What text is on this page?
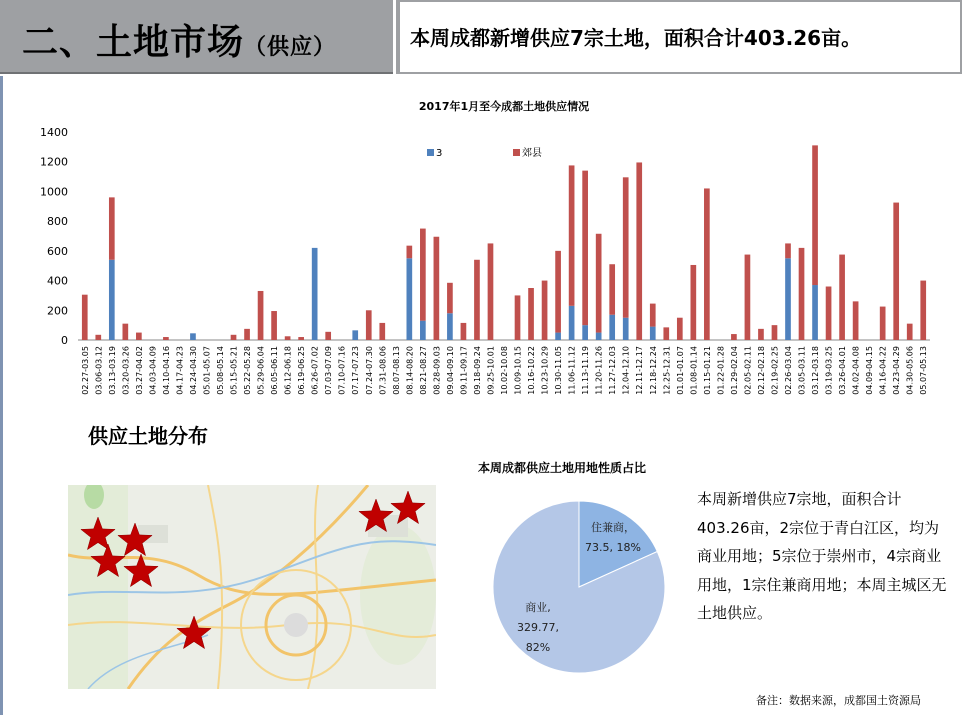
二、土地市场（供应）	本周成都新增供应7宗土地，面积合计403.26亩。
2017年1月至今成都土地供应情况
0
200
400
600
800
1000
1200
1400
02.27-03.05 03.06-03.12 03.13-03.19 03.20-03.26 03.27-04.02 04.03-04.09 04.10-04.16 04.17-04.23 04.24-04.30 05.01-05.07 05.08-05.14 05.15-05.21 05.22-05.28 05.29-06.04 06.05-06.11 06.12-06.18 06.19-06.25 06.26-07.02 07.03-07.09 07.10-07.16 07.17-07.23 07.24-07.30 07.31-08.06 08.07-08.13 08.14-08.20 08.21-08.27 08.28-09.03 09.04-09.10 09.11-09.17 09.18-09.24 09.25-10.01 10.02-10.08 10.09-10.15 10.16-10.22 10.23-10.29 10.30-11.05 11.06-11.12 11.13-11.19 11.20-11.26 11.27-12.03 12.04-12.10 12.11-12.17 12.18-12.24 12.25-12.31 01.01-01.07 01.08-01.14 01.15-01.21 01.22-01.28 01.29-02.04 02.05-02.11 02.12-02.18 02.19-02.25 02.26-03.04 03.05-03.11 03.12-03.18 03.19-03.25 03.26-04.01 04.02-04.08 04.09-04.15 04.16-04.22 04.23-04.29 04.30-05.06 05.07-05.13
3	郊县
供应土地分布
本周成都供应土地用地性质占比
住兼商，
73.5, 18%
商业,
329.77,
82%
本周新增供应7宗地，面积合计403.26亩，2宗位于青白江区，均为商业用地；5宗位于崇州市，4宗商业用地，1宗住兼商用地；本周主城区无土地供应。
备注：数据来源，成都国土资源局
